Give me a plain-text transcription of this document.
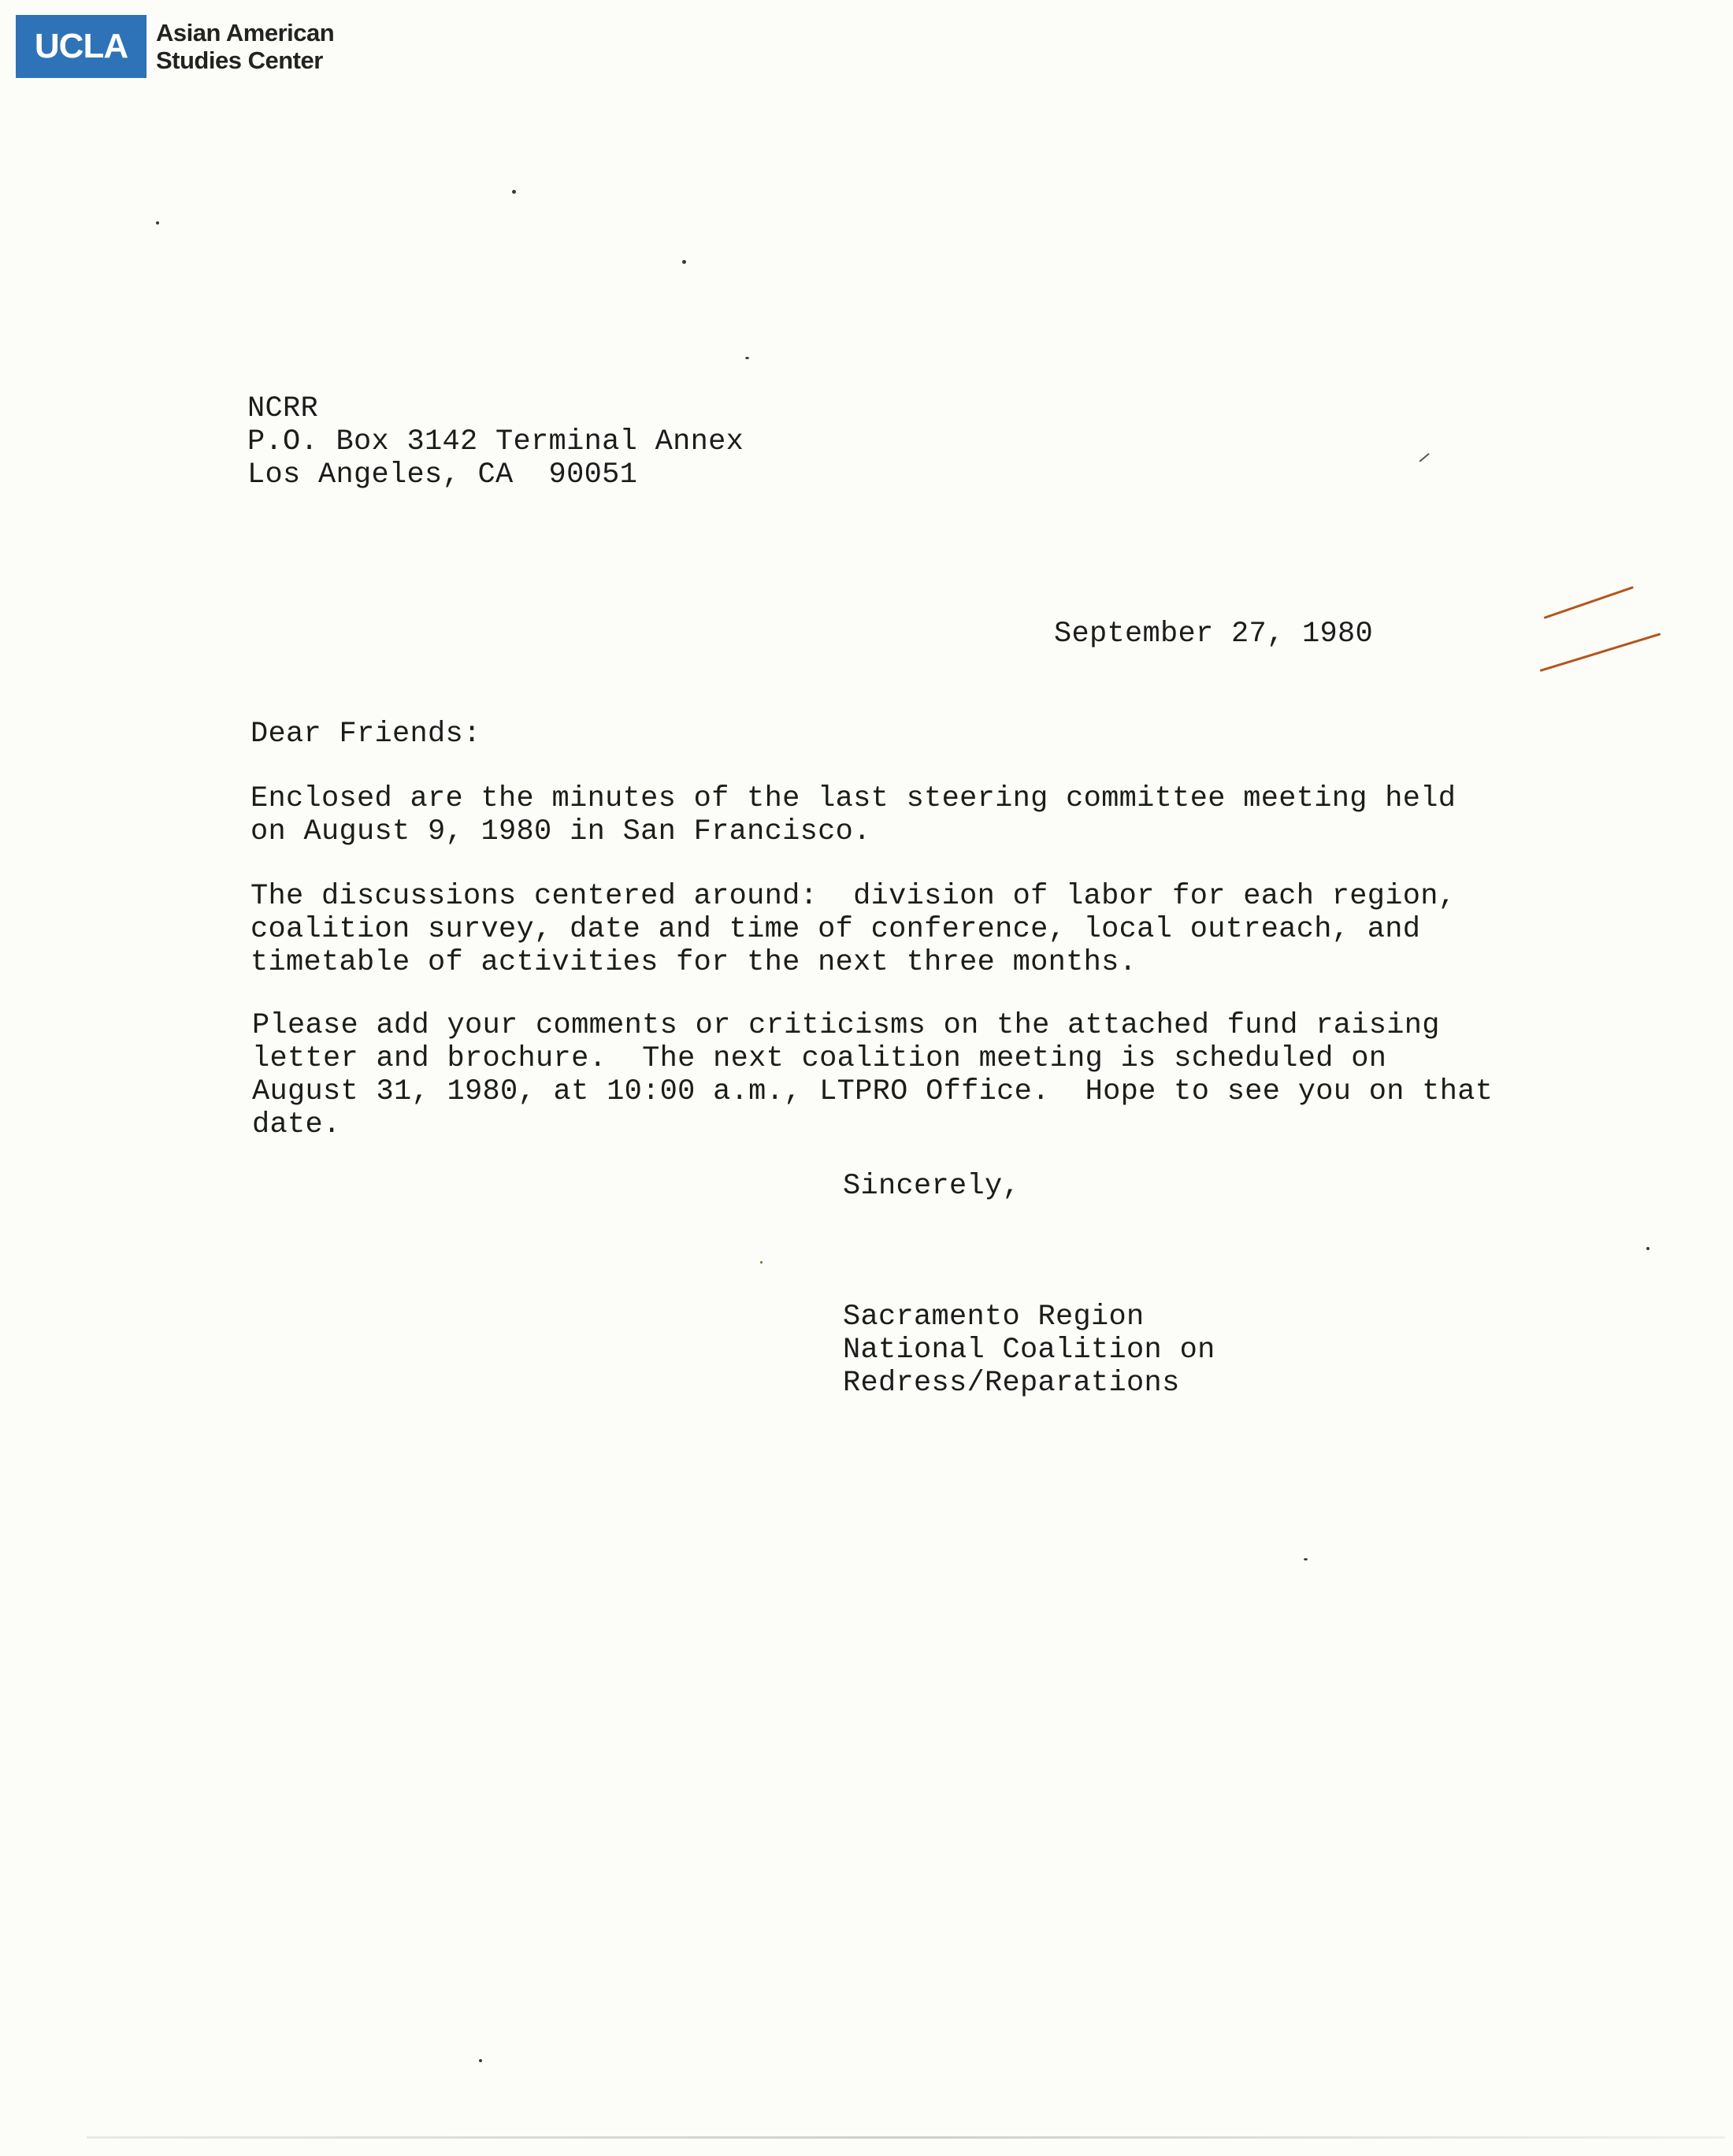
UCLA	Asian American
Studies Center
NCRR
P.O. Box 3142 Terminal Annex
Los Angeles, CA  90051
September 27, 1980
Dear Friends:
Enclosed are the minutes of the last steering committee meeting held
on August 9, 1980 in San Francisco.
The discussions centered around:  division of labor for each region,
coalition survey, date and time of conference, local outreach, and
timetable of activities for the next three months.
Please add your comments or criticisms on the attached fund raising
letter and brochure.  The next coalition meeting is scheduled on
August 31, 1980, at 10:00 a.m., LTPRO Office.  Hope to see you on that
date.
Sincerely,
Sacramento Region
National Coalition on
Redress/Reparations
